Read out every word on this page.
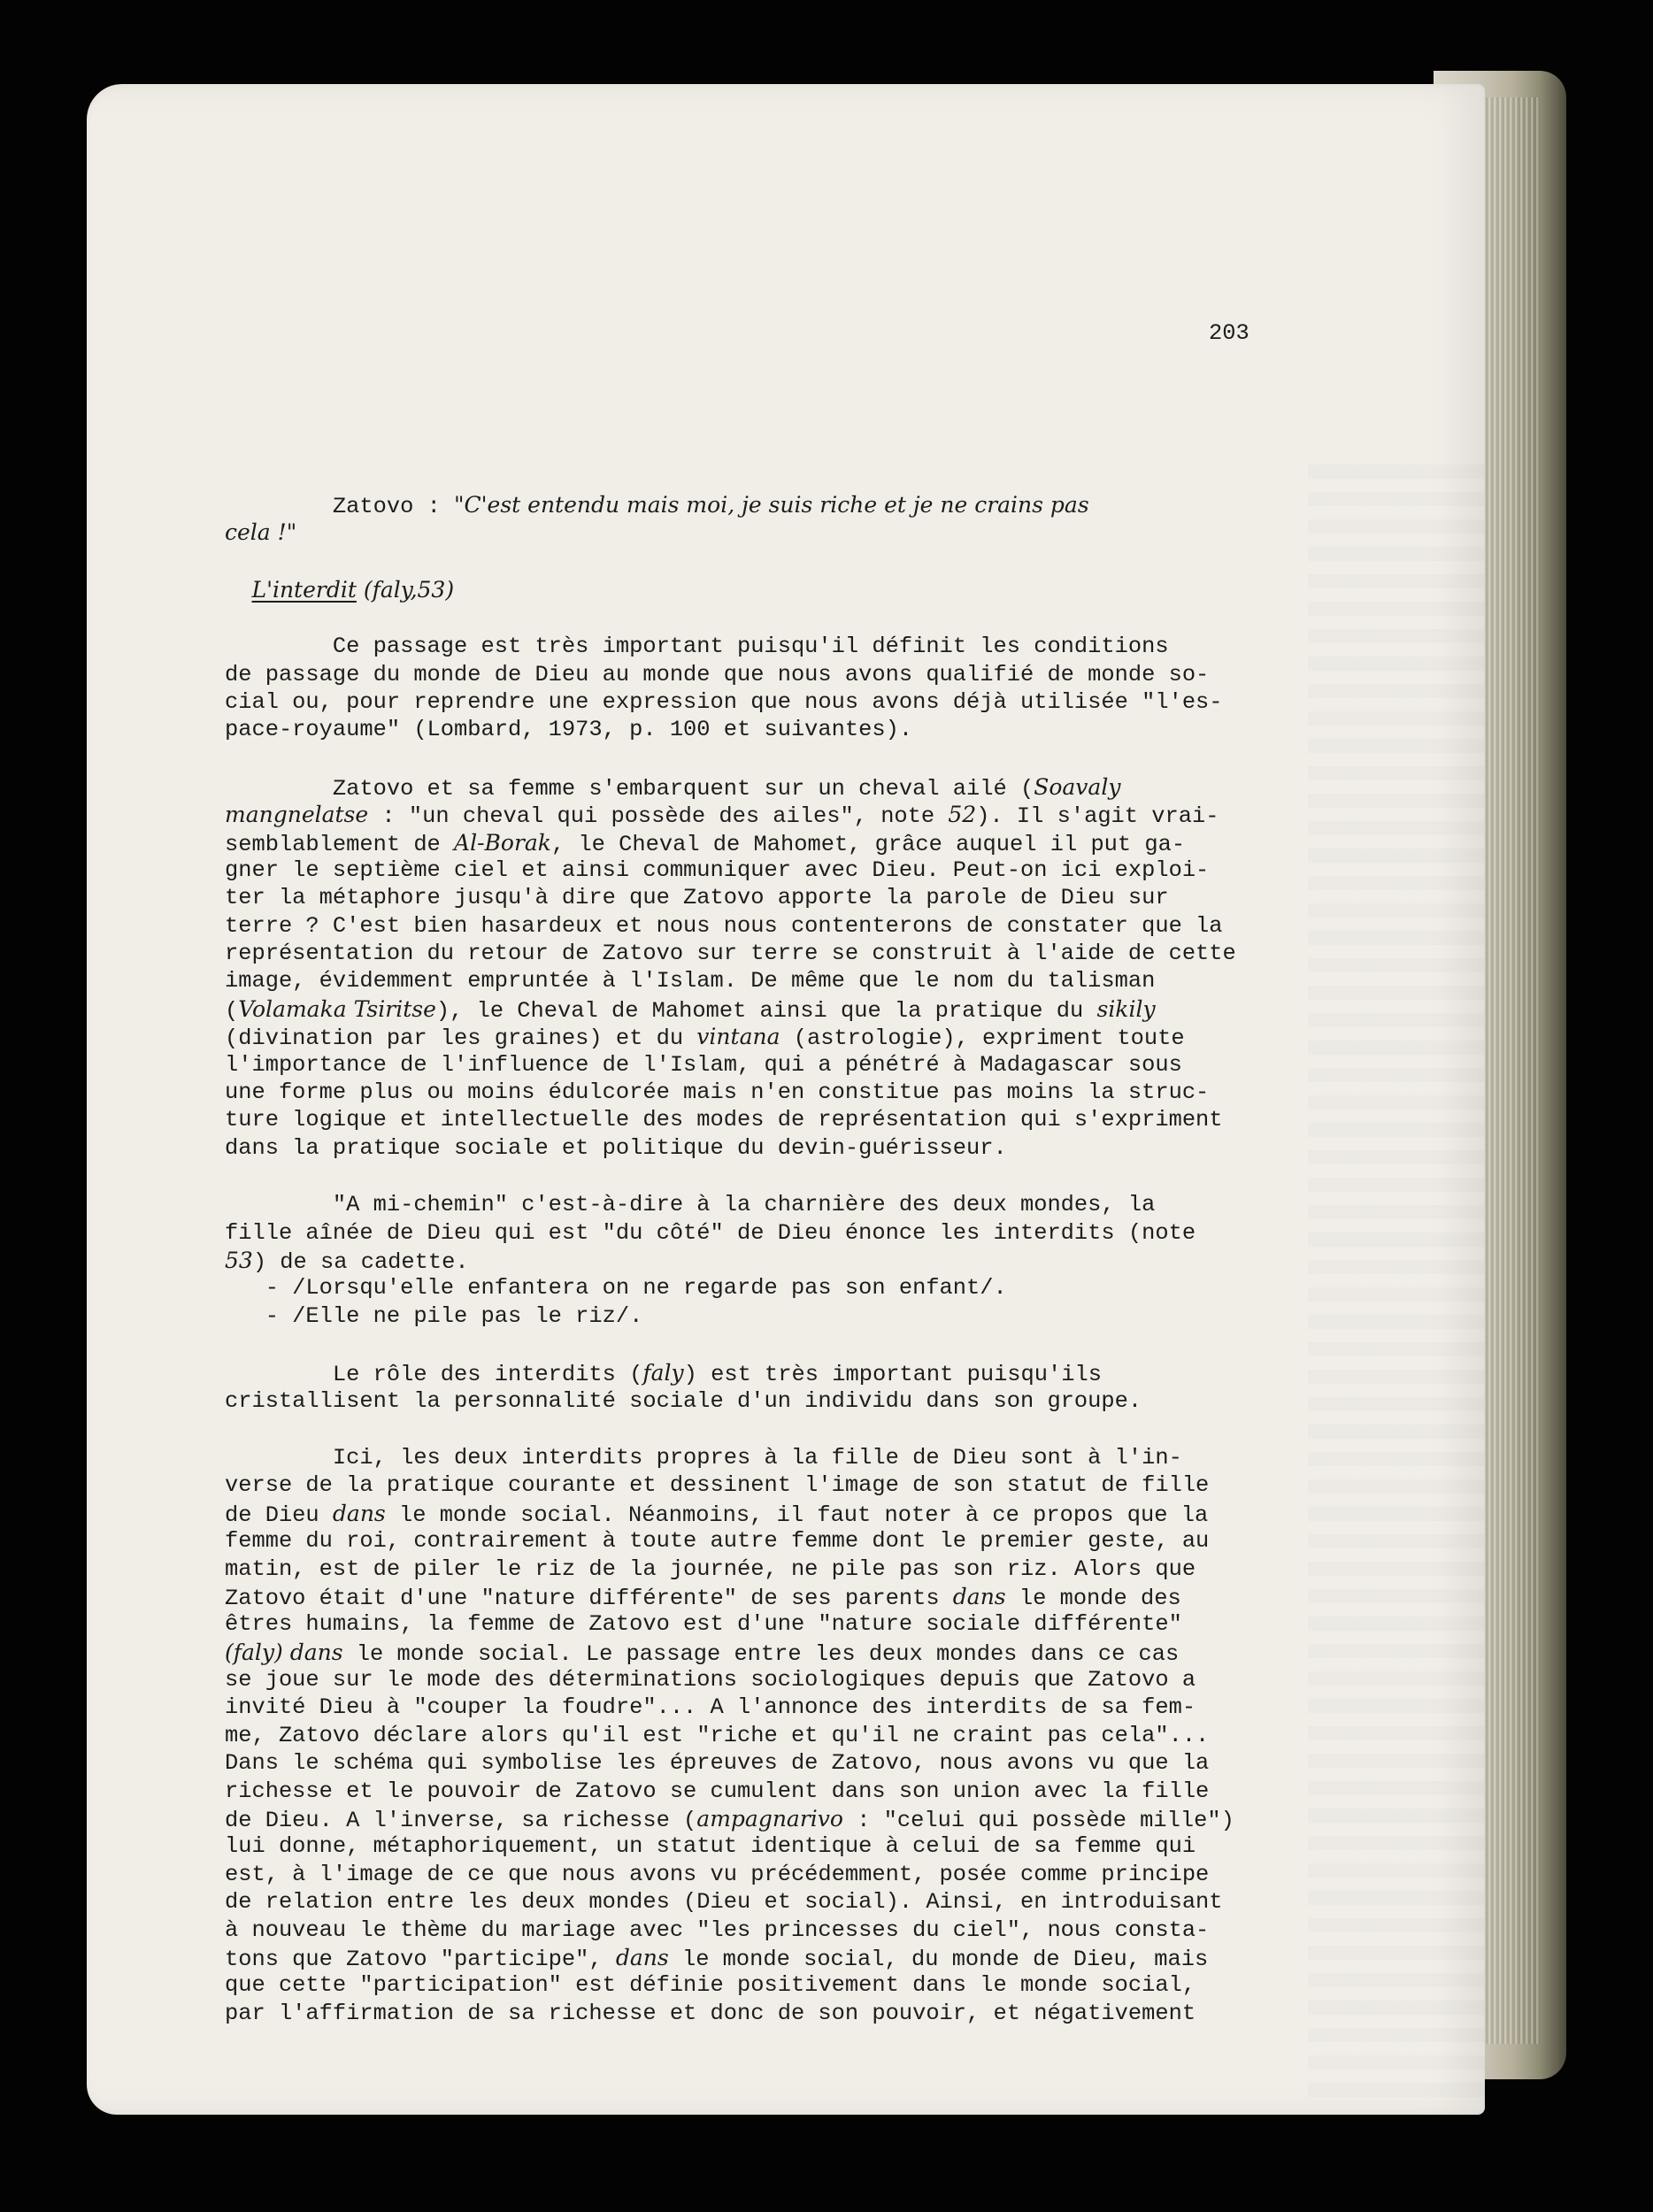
203
Zatovo : "C'est entendu mais moi, je suis riche et je ne crains pas
cela !"
L'interdit (faly,53)
Ce passage est très important puisqu'il définit les conditions
de passage du monde de Dieu au monde que nous avons qualifié de monde so-
cial ou, pour reprendre une expression que nous avons déjà utilisée "l'es-
pace-royaume" (Lombard, 1973, p. 100 et suivantes).
Zatovo et sa femme s'embarquent sur un cheval ailé (Soavaly
mangnelatse : "un cheval qui possède des ailes", note 52). Il s'agit vrai-
semblablement de Al-Borak, le Cheval de Mahomet, grâce auquel il put ga-
gner le septième ciel et ainsi communiquer avec Dieu. Peut-on ici exploi-
ter la métaphore jusqu'à dire que Zatovo apporte la parole de Dieu sur
terre ? C'est bien hasardeux et nous nous contenterons de constater que la
représentation du retour de Zatovo sur terre se construit à l'aide de cette
image, évidemment empruntée à l'Islam. De même que le nom du talisman
(Volamaka Tsiritse), le Cheval de Mahomet ainsi que la pratique du sikily
(divination par les graines) et du vintana (astrologie), expriment toute
l'importance de l'influence de l'Islam, qui a pénétré à Madagascar sous
une forme plus ou moins édulcorée mais n'en constitue pas moins la struc-
ture logique et intellectuelle des modes de représentation qui s'expriment
dans la pratique sociale et politique du devin-guérisseur.
"A mi-chemin" c'est-à-dire à la charnière des deux mondes, la
fille aînée de Dieu qui est "du côté" de Dieu énonce les interdits (note
53) de sa cadette.
- /Lorsqu'elle enfantera on ne regarde pas son enfant/.
- /Elle ne pile pas le riz/.
Le rôle des interdits (faly) est très important puisqu'ils
cristallisent la personnalité sociale d'un individu dans son groupe.
Ici, les deux interdits propres à la fille de Dieu sont à l'in-
verse de la pratique courante et dessinent l'image de son statut de fille
de Dieu dans le monde social. Néanmoins, il faut noter à ce propos que la
femme du roi, contrairement à toute autre femme dont le premier geste, au
matin, est de piler le riz de la journée, ne pile pas son riz. Alors que
Zatovo était d'une "nature différente" de ses parents dans le monde des
êtres humains, la femme de Zatovo est d'une "nature sociale différente"
(faly) dans le monde social. Le passage entre les deux mondes dans ce cas
se joue sur le mode des déterminations sociologiques depuis que Zatovo a
invité Dieu à "couper la foudre"... A l'annonce des interdits de sa fem-
me, Zatovo déclare alors qu'il est "riche et qu'il ne craint pas cela"...
Dans le schéma qui symbolise les épreuves de Zatovo, nous avons vu que la
richesse et le pouvoir de Zatovo se cumulent dans son union avec la fille
de Dieu. A l'inverse, sa richesse (ampagnarivo : "celui qui possède mille")
lui donne, métaphoriquement, un statut identique à celui de sa femme qui
est, à l'image de ce que nous avons vu précédemment, posée comme principe
de relation entre les deux mondes (Dieu et social). Ainsi, en introduisant
à nouveau le thème du mariage avec "les princesses du ciel", nous consta-
tons que Zatovo "participe", dans le monde social, du monde de Dieu, mais
que cette "participation" est définie positivement dans le monde social,
par l'affirmation de sa richesse et donc de son pouvoir, et négativement
